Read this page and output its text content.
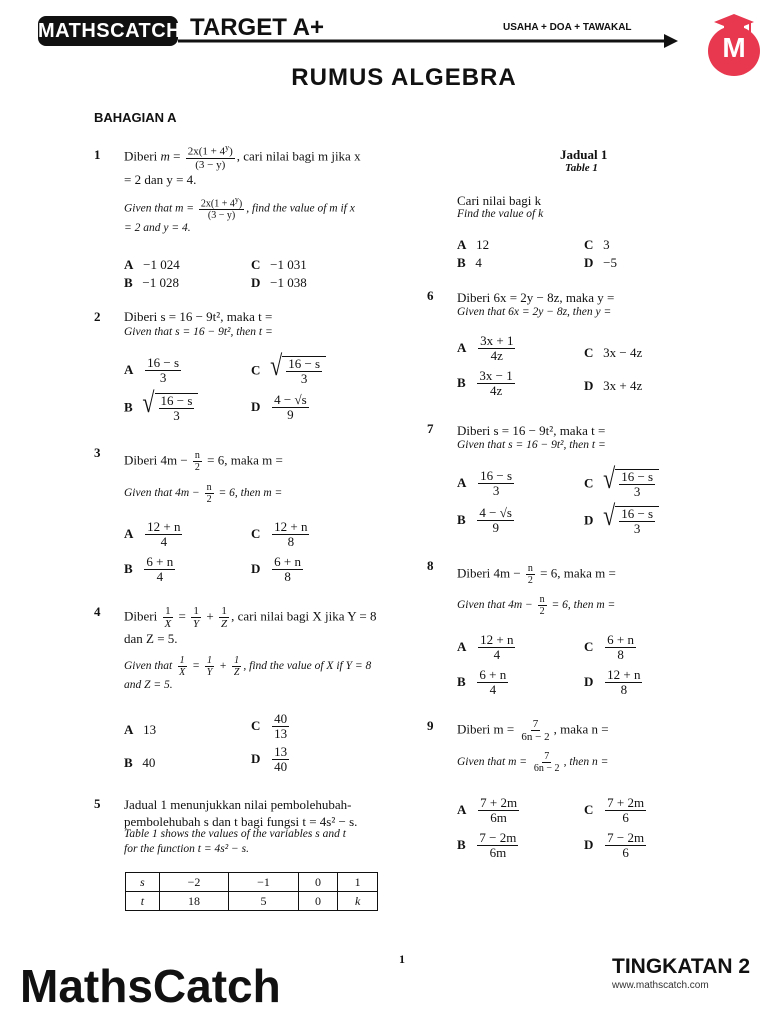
MATHSCATCH TARGET A+	USAHA + DOA + TAWAKAL
M
RUMUS ALGEBRA
BAHAGIAN A
1 Diberi $m = \frac{2x(1 + 4^y)}{(3 - y)}$ , cari nilai bagi m jika x
= 2 dan y = 4.
Given that $m = \frac{2x(1 + 4^y)}{(3 - y)}$ , find the value of m if x
= 2 and y = 4.
A −1 024	C −1 031
B −1 028	D −1 038
2 Diberi s = 16 − 9t², maka t =
Given that s = 16 − 9t², then t =
A $\frac{16 - s}{3}$	C √ $\frac{16 - s}{3}$
B √ $\frac{16 - s}{3}$	D $\frac{4 - √s}{9}$
3 Diberi $4m - \frac{n}{2} = 6$, maka m =
Given that $4m - \frac{n}{2} = 6$, then m =
A $\frac{12 + n}{4}$	C $\frac{12 + n}{8}$
B $\frac{6 + n}{4}$	D $\frac{6 + n}{8}$
4 Diberi $\frac{1}{X} = \frac{1}{Y} + \frac{1}{Z}$ , cari nilai bagi X jika Y = 8
dan Z = 5.
Given that $\frac{1}{X} = \frac{1}{Y} + \frac{1}{Z}$ , find the value of X if Y = 8
and Z = 5.
A 13	C $\frac{40}{13}$
B 40	D $\frac{13}{40}$
5 Jadual 1 menunjukkan nilai pembolehubah-
pembolehubah s dan t bagi fungsi t = 4s² − s.
Table 1 shows the values of the variables s and t
for the function t = 4s² − s.
s	−2	−1	0	1
t	18	5	0	k
Jadual 1
Table 1
Cari nilai bagi k
Find the value of k
A 12	C 3
B 4	D −5
6 Diberi 6x = 2y − 8z, maka y =
Given that 6x = 2y − 8z, then y =
A $\frac{3x + 1}{4z}$	C 3x − 4z
B $\frac{3x - 1}{4z}$	D 3x + 4z
7 Diberi s = 16 − 9t², maka t =
Given that s = 16 − 9t², then t =
A $\frac{16 - s}{3}$	C √ $\frac{16 - s}{3}$
B $\frac{4 - √s}{9}$	D √ $\frac{16 - s}{3}$
8 Diberi $4m - \frac{n}{2} = 6$, maka m =
Given that $4m - \frac{n}{2} = 6$, then m =
A $\frac{12 + n}{4}$	C $\frac{6 + n}{8}$
B $\frac{6 + n}{4}$	D $\frac{12 + n}{8}$
9 Diberi $m = \frac{7}{6n - 2}$ , maka n =
Given that $m = \frac{7}{6n - 2}$ , then n =
A $\frac{7 + 2m}{6m}$	C $\frac{7 + 2m}{6}$
B $\frac{7 - 2m}{6m}$	D $\frac{7 - 2m}{6}$
1
MathsCatch	TINGKATAN 2
www.mathscatch.com
